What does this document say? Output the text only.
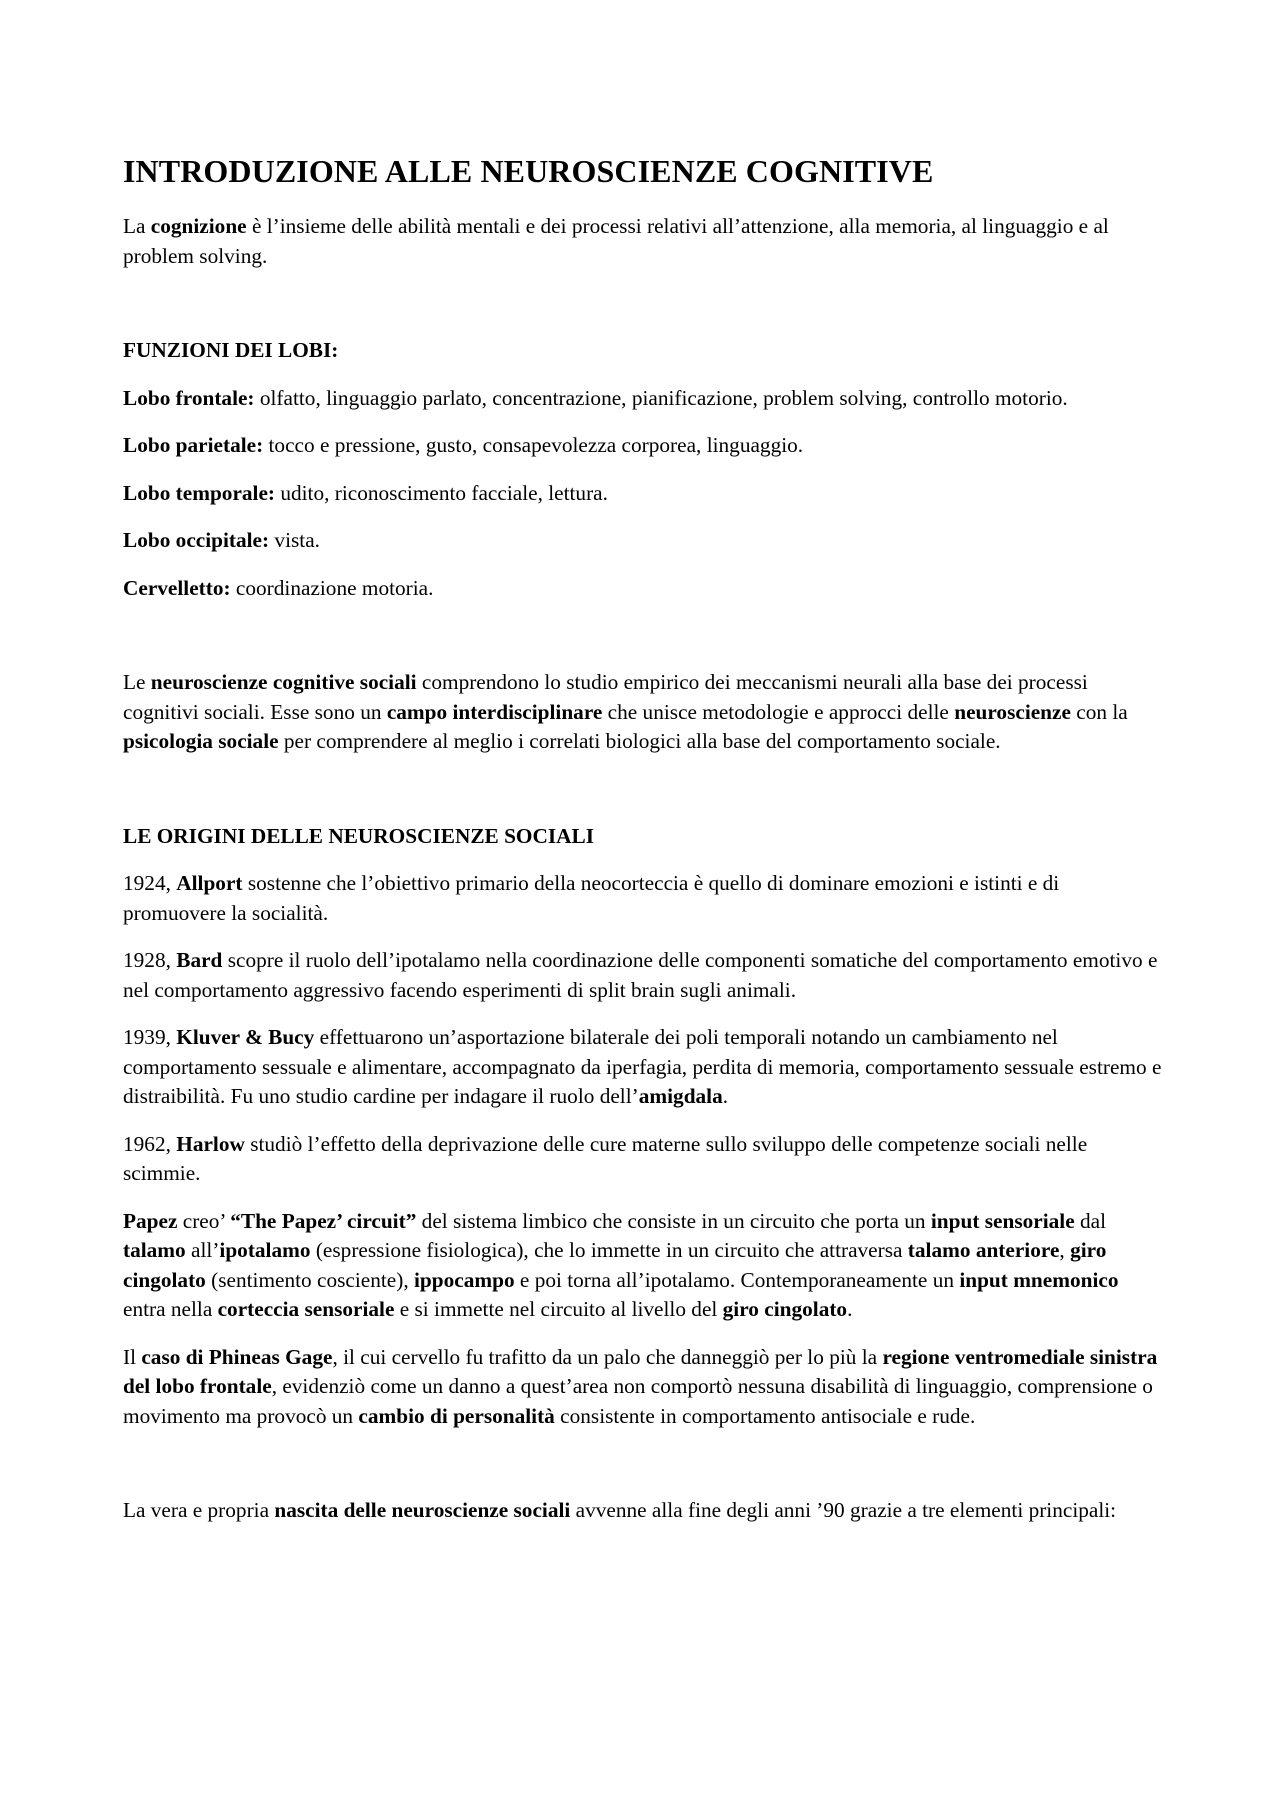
INTRODUZIONE ALLE NEUROSCIENZE COGNITIVE

La cognizione è l’insieme delle abilità mentali e dei processi relativi all’attenzione, alla memoria, al linguaggio e al problem solving.

FUNZIONI DEI LOBI:

Lobo frontale: olfatto, linguaggio parlato, concentrazione, pianificazione, problem solving, controllo motorio.

Lobo parietale: tocco e pressione, gusto, consapevolezza corporea, linguaggio.

Lobo temporale: udito, riconoscimento facciale, lettura.

Lobo occipitale: vista.

Cervelletto: coordinazione motoria.

Le neuroscienze cognitive sociali comprendono lo studio empirico dei meccanismi neurali alla base dei processi cognitivi sociali. Esse sono un campo interdisciplinare che unisce metodologie e approcci delle neuroscienze con la psicologia sociale per comprendere al meglio i correlati biologici alla base del comportamento sociale.

LE ORIGINI DELLE NEUROSCIENZE SOCIALI

1924, Allport sostenne che l’obiettivo primario della neocorteccia è quello di dominare emozioni e istinti e di promuovere la socialità.

1928, Bard scopre il ruolo dell’ipotalamo nella coordinazione delle componenti somatiche del comportamento emotivo e nel comportamento aggressivo facendo esperimenti di split brain sugli animali.

1939, Kluver & Bucy effettuarono un’asportazione bilaterale dei poli temporali notando un cambiamento nel comportamento sessuale e alimentare, accompagnato da iperfagia, perdita di memoria, comportamento sessuale estremo e distraibilità. Fu uno studio cardine per indagare il ruolo dell’amigdala.

1962, Harlow studiò l’effetto della deprivazione delle cure materne sullo sviluppo delle competenze sociali nelle scimmie.

Papez creo’ “The Papez’ circuit” del sistema limbico che consiste in un circuito che porta un input sensoriale dal talamo all’ipotalamo (espressione fisiologica), che lo immette in un circuito che attraversa talamo anteriore, giro cingolato (sentimento cosciente), ippocampo e poi torna all’ipotalamo. Contemporaneamente un input mnemonico entra nella corteccia sensoriale e si immette nel circuito al livello del giro cingolato.

Il caso di Phineas Gage, il cui cervello fu trafitto da un palo che danneggiò per lo più la regione ventromediale sinistra del lobo frontale, evidenziò come un danno a quest’area non comportò nessuna disabilità di linguaggio, comprensione o movimento ma provocò un cambio di personalità consistente in comportamento antisociale e rude.

La vera e propria nascita delle neuroscienze sociali avvenne alla fine degli anni ’90 grazie a tre elementi principali:
